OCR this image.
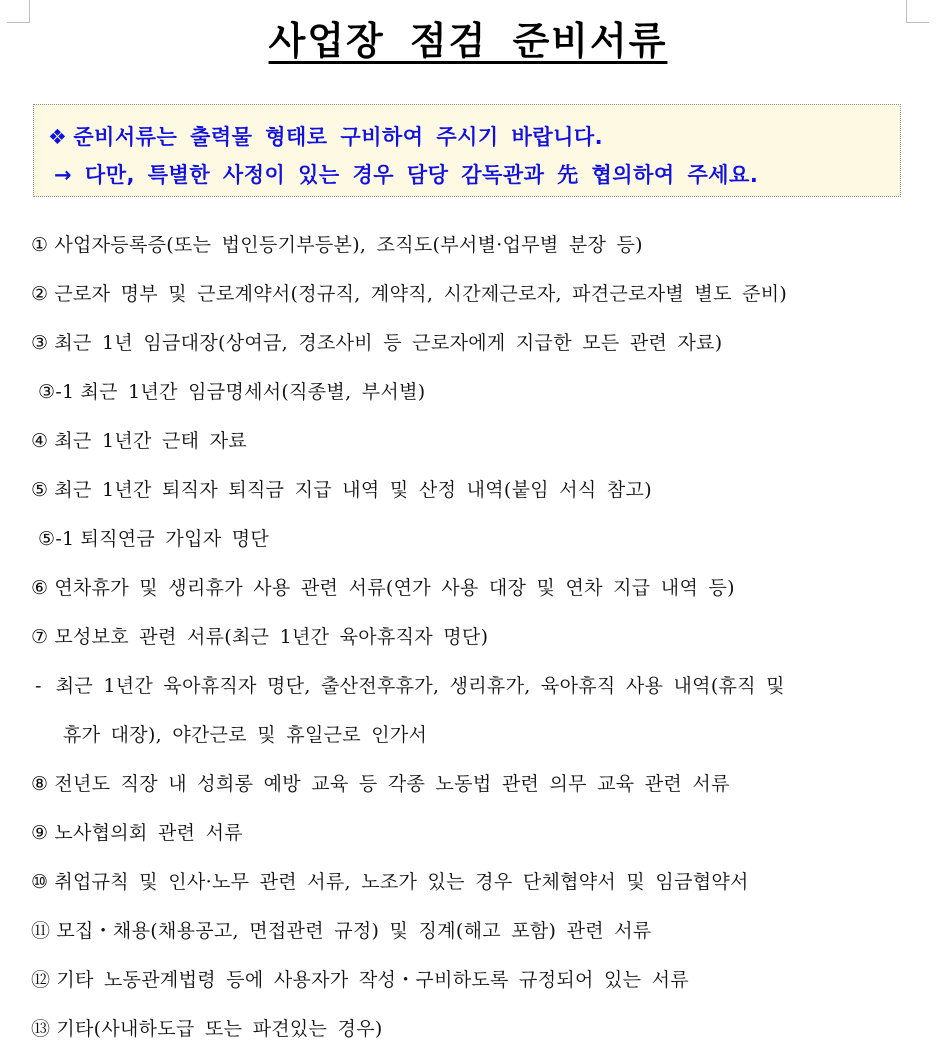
사업장 점검 준비서류
❖ 준비서류는 출력물 형태로 구비하여 주시기 바랍니다.
→ 다만, 특별한 사정이 있는 경우 담당 감독관과 先 협의하여 주세요.
① 사업자등록증(또는 법인등기부등본), 조직도(부서별·업무별 분장 등)
② 근로자 명부 및 근로계약서(정규직, 계약직, 시간제근로자, 파견근로자별 별도 준비)
③ 최근 1년 임금대장(상여금, 경조사비 등 근로자에게 지급한 모든 관련 자료)
③-1 최근 1년간 임금명세서(직종별, 부서별)
④ 최근 1년간 근태 자료
⑤ 최근 1년간 퇴직자 퇴직금 지급 내역 및 산정 내역(붙임 서식 참고)
⑤-1 퇴직연금 가입자 명단
⑥ 연차휴가 및 생리휴가 사용 관련 서류(연가 사용 대장 및 연차 지급 내역 등)
⑦ 모성보호 관련 서류(최근 1년간 육아휴직자 명단)
- 최근 1년간 육아휴직자 명단, 출산전후휴가, 생리휴가, 육아휴직 사용 내역(휴직 및
휴가 대장), 야간근로 및 휴일근로 인가서
⑧ 전년도 직장 내 성희롱 예방 교육 등 각종 노동법 관련 의무 교육 관련 서류
⑨ 노사협의회 관련 서류
⑩ 취업규칙 및 인사·노무 관련 서류, 노조가 있는 경우 단체협약서 및 임금협약서
⑪ 모집・채용(채용공고, 면접관련 규정) 및 징계(해고 포함) 관련 서류
⑫ 기타 노동관계법령 등에 사용자가 작성・구비하도록 규정되어 있는 서류
⑬ 기타(사내하도급 또는 파견있는 경우)
